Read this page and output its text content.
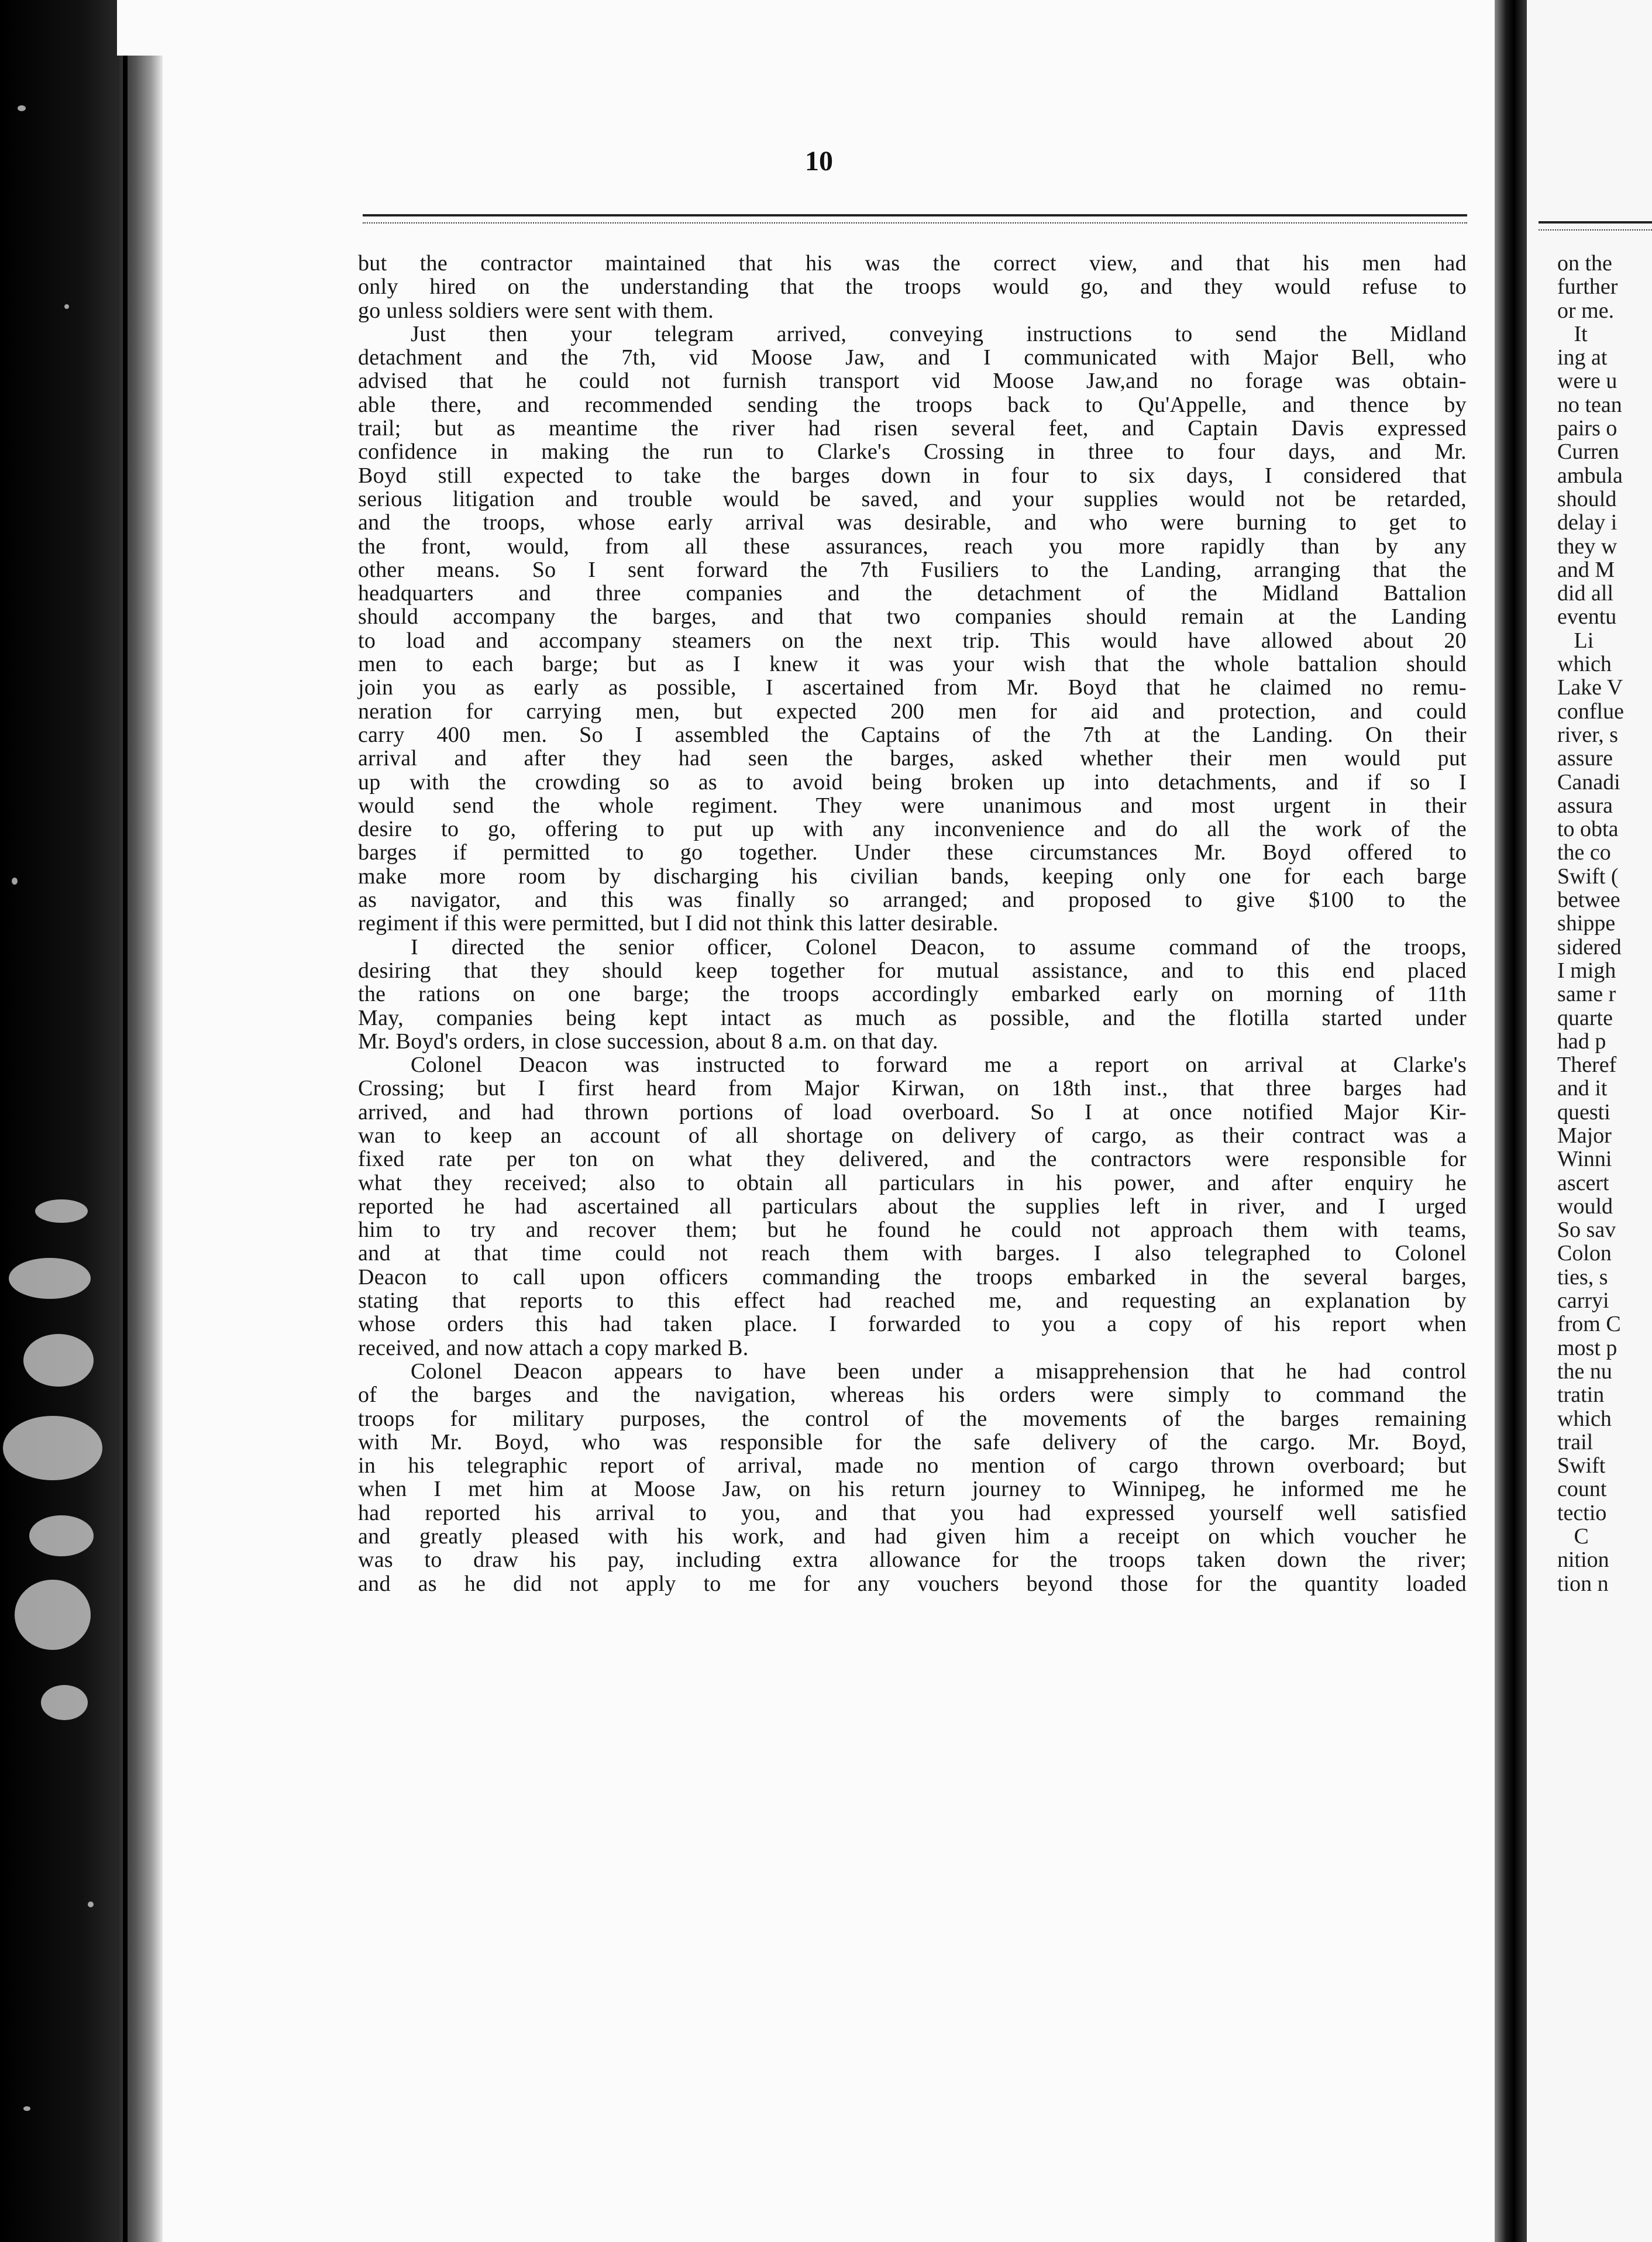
10
but the contractor maintained that his was the correct view, and that his men had
only hired on the understanding that the troops would go, and they would refuse to
go unless soldiers were sent with them.
Just then your telegram arrived, conveying instructions to send the Midland
detachment and the 7th, vid Moose Jaw, and I communicated with Major Bell, who
advised that he could not furnish transport vid Moose Jaw,and no forage was obtain-
able there, and recommended sending the troops back to Qu'Appelle, and thence by
trail; but as meantime the river had risen several feet, and Captain Davis expressed
confidence in making the run to Clarke's Crossing in three to four days, and Mr.
Boyd still expected to take the barges down in four to six days, I considered that
serious litigation and trouble would be saved, and your supplies would not be retarded,
and the troops, whose early arrival was desirable, and who were burning to get to
the front, would, from all these assurances, reach you more rapidly than by any
other means. So I sent forward the 7th Fusiliers to the Landing, arranging that the
headquarters and three companies and the detachment of the Midland Battalion
should accompany the barges, and that two companies should remain at the Landing
to load and accompany steamers on the next trip. This would have allowed about 20
men to each barge; but as I knew it was your wish that the whole battalion should
join you as early as possible, I ascertained from Mr. Boyd that he claimed no remu-
neration for carrying men, but expected 200 men for aid and protection, and could
carry 400 men. So I assembled the Captains of the 7th at the Landing. On their
arrival and after they had seen the barges, asked whether their men would put
up with the crowding so as to avoid being broken up into detachments, and if so I
would send the whole regiment. They were unanimous and most urgent in their
desire to go, offering to put up with any inconvenience and do all the work of the
barges if permitted to go together. Under these circumstances Mr. Boyd offered to
make more room by discharging his civilian bands, keeping only one for each barge
as navigator, and this was finally so arranged; and proposed to give $100 to the
regiment if this were permitted, but I did not think this latter desirable.
I directed the senior officer, Colonel Deacon, to assume command of the troops,
desiring that they should keep together for mutual assistance, and to this end placed
the rations on one barge; the troops accordingly embarked early on morning of 11th
May, companies being kept intact as much as possible, and the flotilla started under
Mr. Boyd's orders, in close succession, about 8 a.m. on that day.
Colonel Deacon was instructed to forward me a report on arrival at Clarke's
Crossing; but I first heard from Major Kirwan, on 18th inst., that three barges had
arrived, and had thrown portions of load overboard. So I at once notified Major Kir-
wan to keep an account of all shortage on delivery of cargo, as their contract was a
fixed rate per ton on what they delivered, and the contractors were responsible for
what they received; also to obtain all particulars in his power, and after enquiry he
reported he had ascertained all particulars about the supplies left in river, and I urged
him to try and recover them; but he found he could not approach them with teams,
and at that time could not reach them with barges. I also telegraphed to Colonel
Deacon to call upon officers commanding the troops embarked in the several barges,
stating that reports to this effect had reached me, and requesting an explanation by
whose orders this had taken place. I forwarded to you a copy of his report when
received, and now attach a copy marked B.
Colonel Deacon appears to have been under a misapprehension that he had control
of the barges and the navigation, whereas his orders were simply to command the
troops for military purposes, the control of the movements of the barges remaining
with Mr. Boyd, who was responsible for the safe delivery of the cargo. Mr. Boyd,
in his telegraphic report of arrival, made no mention of cargo thrown overboard; but
when I met him at Moose Jaw, on his return journey to Winnipeg, he informed me he
had reported his arrival to you, and that you had expressed yourself well satisfied
and greatly pleased with his work, and had given him a receipt on which voucher he
was to draw his pay, including extra allowance for the troops taken down the river;
and as he did not apply to me for any vouchers beyond those for the quantity loaded
on the
further
or me.
It
ing at
were u
no tean
pairs o
Curren
ambula
should
delay i
they w
and M
did all
eventu
Li
which
Lake V
conflue
river, s
assure
Canadi
assura
to obta
the co
Swift (
betwee
shippe
sidered
I migh
same r
quarte
had p
Theref
and it
questi
Major
Winni
ascert
would
So sav
Colon
ties, s
carryi
from C
most p
the nu
tratin
which
trail
Swift
count
tectio
C
nition
tion n
